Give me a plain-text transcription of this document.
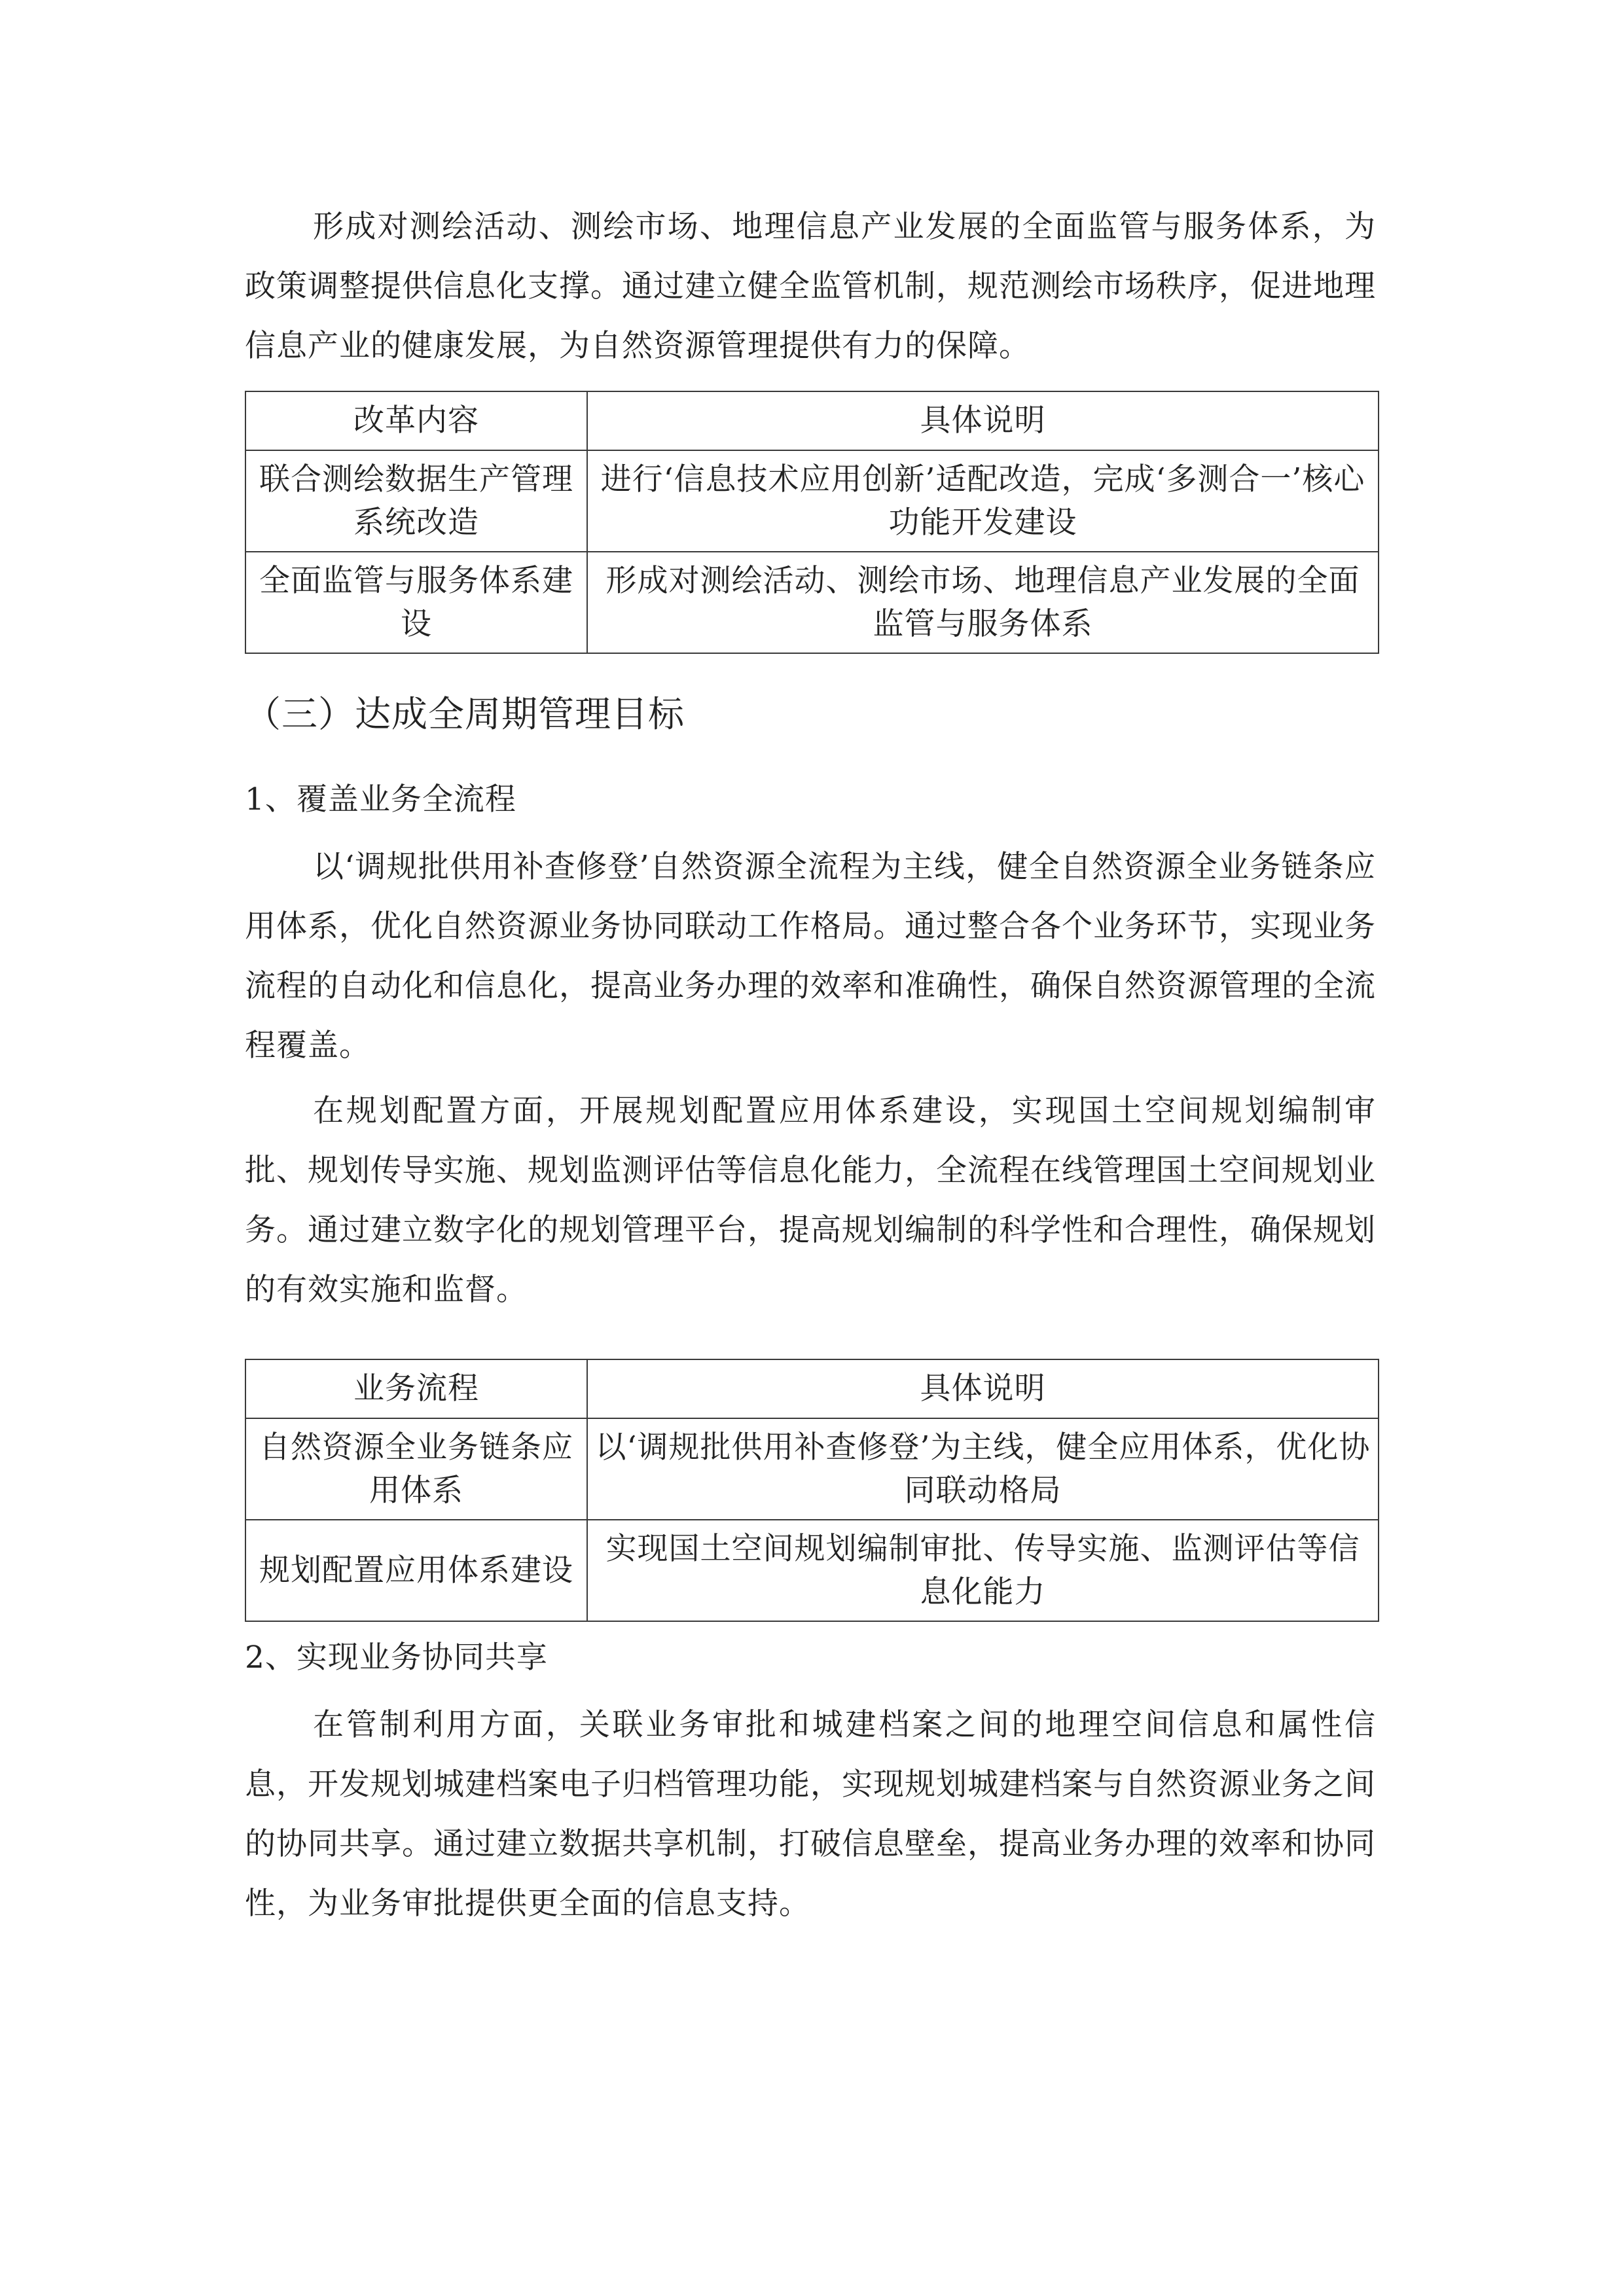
形成对测绘活动、测绘市场、地理信息产业发展的全面监管与服务体系，为政策调整提供信息化支撑。通过建立健全监管机制，规范测绘市场秩序，促进地理信息产业的健康发展，为自然资源管理提供有力的保障。

改革内容	具体说明
联合测绘数据生产管理系统改造	进行‘信息技术应用创新’适配改造，完成‘多测合一’核心功能开发建设
全面监管与服务体系建设	形成对测绘活动、测绘市场、地理信息产业发展的全面监管与服务体系
（三）达成全周期管理目标
1、覆盖业务全流程

以‘调规批供用补查修登’自然资源全流程为主线，健全自然资源全业务链条应用体系，优化自然资源业务协同联动工作格局。通过整合各个业务环节，实现业务流程的自动化和信息化，提高业务办理的效率和准确性，确保自然资源管理的全流程覆盖。

在规划配置方面，开展规划配置应用体系建设，实现国土空间规划编制审批、规划传导实施、规划监测评估等信息化能力，全流程在线管理国土空间规划业务。通过建立数字化的规划管理平台，提高规划编制的科学性和合理性，确保规划的有效实施和监督。

业务流程	具体说明
自然资源全业务链条应用体系	以‘调规批供用补查修登’为主线，健全应用体系，优化协同联动格局
规划配置应用体系建设	实现国土空间规划编制审批、传导实施、监测评估等信息化能力
2、实现业务协同共享

在管制利用方面，关联业务审批和城建档案之间的地理空间信息和属性信息，开发规划城建档案电子归档管理功能，实现规划城建档案与自然资源业务之间的协同共享。通过建立数据共享机制，打破信息壁垒，提高业务办理的效率和协同性，为业务审批提供更全面的信息支持。
